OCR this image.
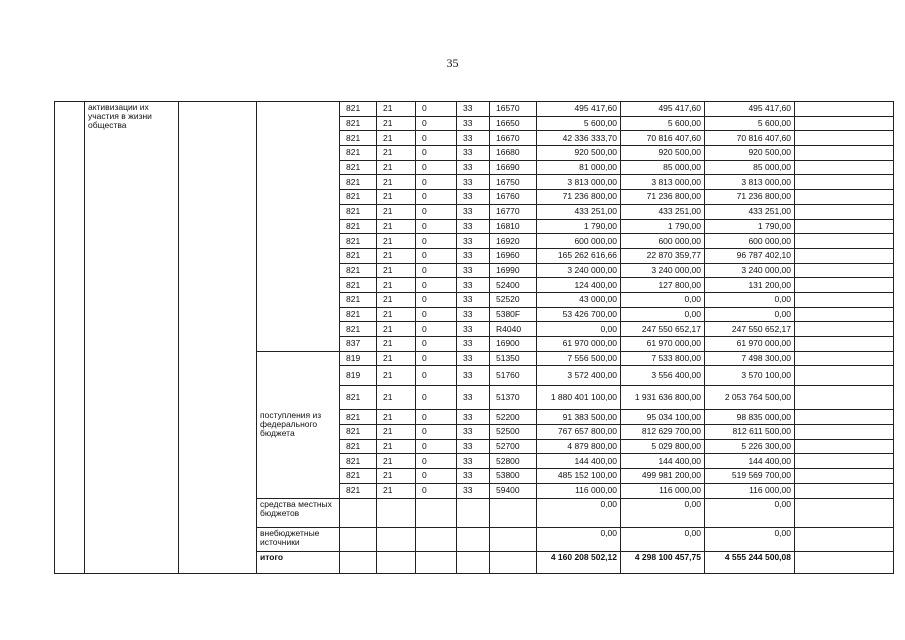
35
	активизации их участия в жизни общества			821	21	0	33	16570	495 417,60	495 417,60	495 417,60	
				821	21	0	33	16650	5 600,00	5 600,00	5 600,00	
				821	21	0	33	16670	42 336 333,70	70 816 407,60	70 816 407,60	
				821	21	0	33	16680	920 500,00	920 500,00	920 500,00	
				821	21	0	33	16690	81 000,00	85 000,00	85 000,00	
				821	21	0	33	16750	3 813 000,00	3 813 000,00	3 813 000,00	
				821	21	0	33	16760	71 236 800,00	71 236 800,00	71 236 800,00	
				821	21	0	33	16770	433 251,00	433 251,00	433 251,00	
				821	21	0	33	16810	1 790,00	1 790,00	1 790,00	
				821	21	0	33	16920	600 000,00	600 000,00	600 000,00	
				821	21	0	33	16960	165 262 616,66	22 870 359,77	96 787 402,10	
				821	21	0	33	16990	3 240 000,00	3 240 000,00	3 240 000,00	
				821	21	0	33	52400	124 400,00	127 800,00	131 200,00	
				821	21	0	33	52520	43 000,00	0,00	0,00	
				821	21	0	33	5380F	53 426 700,00	0,00	0,00	
				821	21	0	33	R4040	0,00	247 550 652,17	247 550 652,17	
				837	21	0	33	16900	61 970 000,00	61 970 000,00	61 970 000,00	
			поступления из федерального бюджета	819	21	0	33	51350	7 556 500,00	7 533 800,00	7 498 300,00	
				819	21	0	33	51760	3 572 400,00	3 556 400,00	3 570 100,00	
				821	21	0	33	51370	1 880 401 100,00	1 931 636 800,00	2 053 764 500,00	
				821	21	0	33	52200	91 383 500,00	95 034 100,00	98 835 000,00	
				821	21	0	33	52500	767 657 800,00	812 629 700,00	812 611 500,00	
				821	21	0	33	52700	4 879 800,00	5 029 800,00	5 226 300,00	
				821	21	0	33	52800	144 400,00	144 400,00	144 400,00	
				821	21	0	33	53800	485 152 100,00	499 981 200,00	519 569 700,00	
				821	21	0	33	59400	116 000,00	116 000,00	116 000,00	
			средства местных бюджетов						0,00	0,00	0,00	
			внебюджетные источники						0,00	0,00	0,00	
			итого						4 160 208 502,12	4 298 100 457,75	4 555 244 500,08	
